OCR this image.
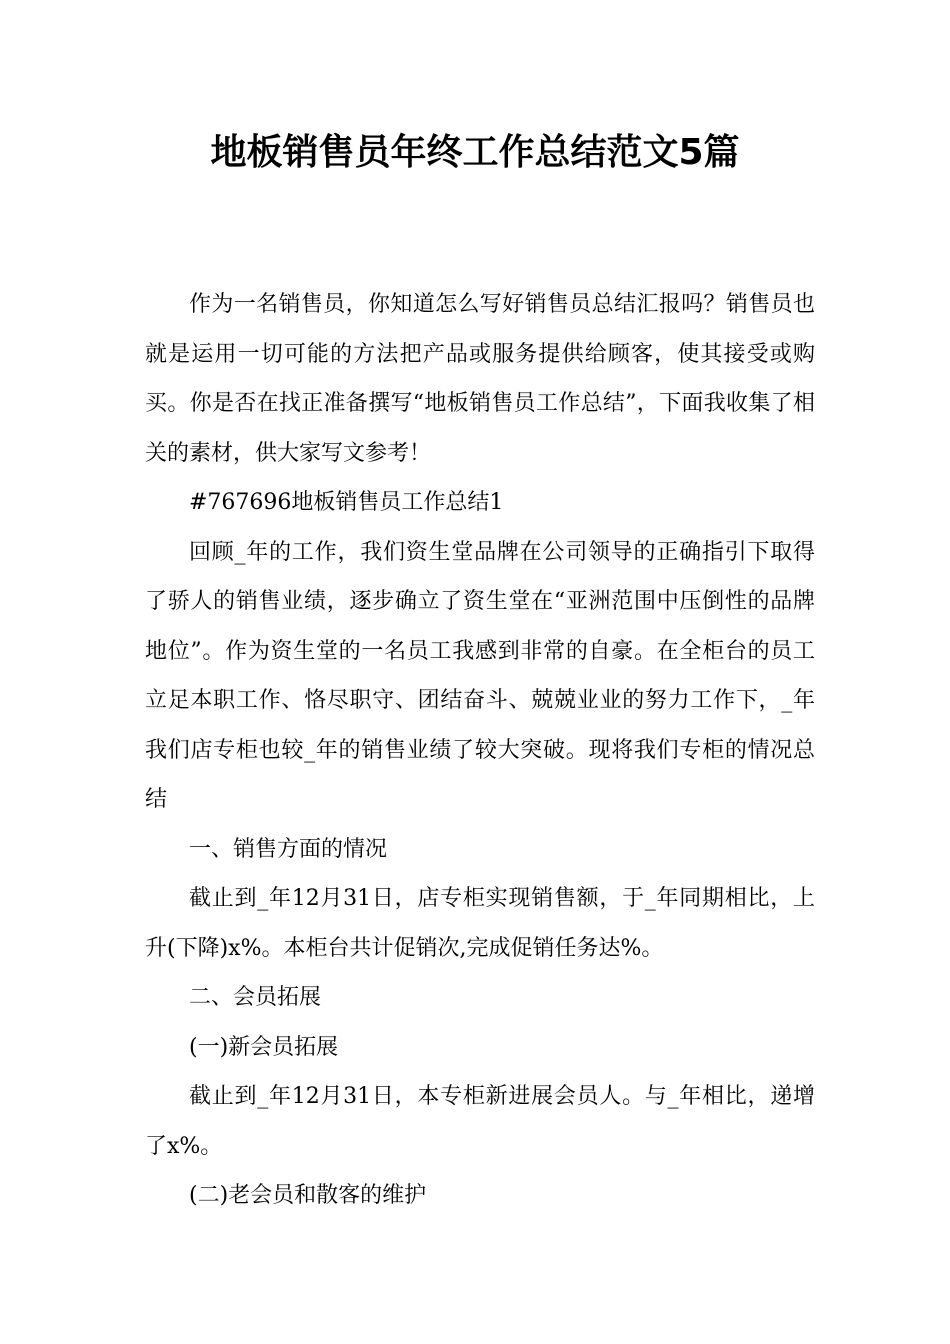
地板销售员年终工作总结范文5篇

作为一名销售员，你知道怎么写好销售员总结汇报吗？销售员也就是运用一切可能的方法把产品或服务提供给顾客，使其接受或购买。你是否在找正准备撰写“地板销售员工作总结”，下面我收集了相关的素材，供大家写文参考！

#767696地板销售员工作总结1

回顾_年的工作，我们资生堂品牌在公司领导的正确指引下取得了骄人的销售业绩，逐步确立了资生堂在“亚洲范围中压倒性的品牌地位”。作为资生堂的一名员工我感到非常的自豪。在全柜台的员工立足本职工作、恪尽职守、团结奋斗、兢兢业业的努力工作下，_年我们店专柜也较_年的销售业绩了较大突破。现将我们专柜的情况总结

一、销售方面的情况

截止到_年12月31日，店专柜实现销售额，于_年同期相比，上升(下降)x%。本柜台共计促销次,完成促销任务达%。

二、会员拓展

(一)新会员拓展

截止到_年12月31日，本专柜新进展会员人。与_年相比，递增了x%。

(二)老会员和散客的维护
